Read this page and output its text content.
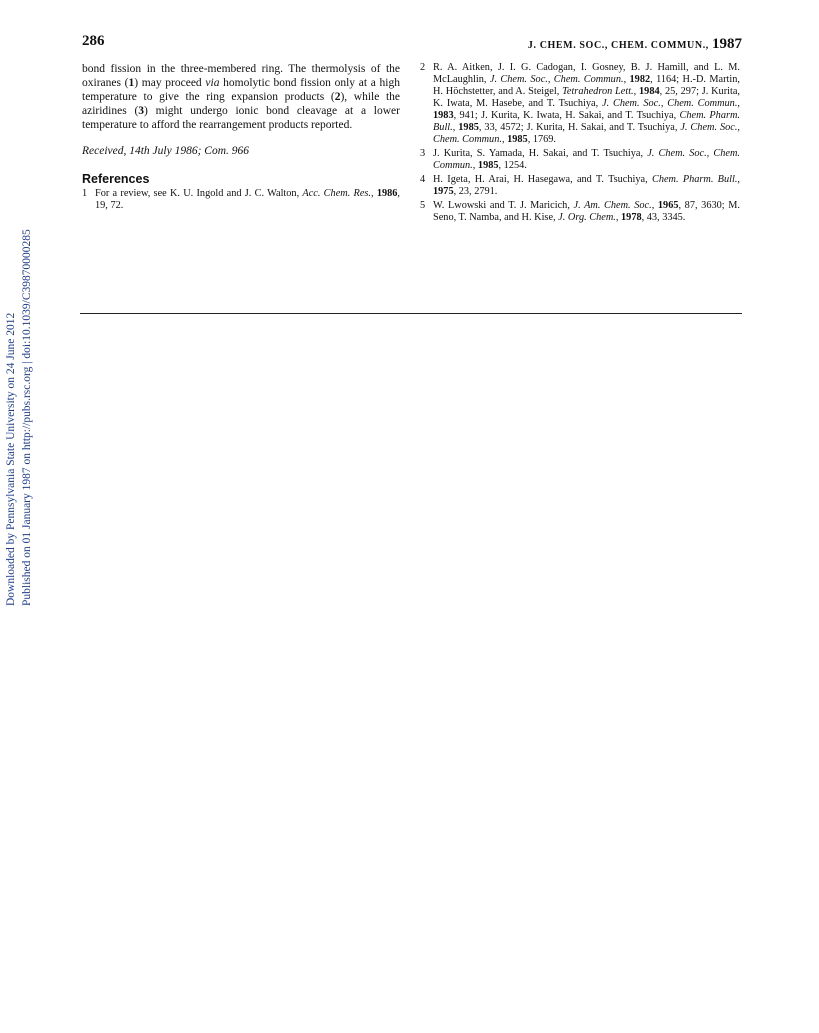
286	J. CHEM. SOC., CHEM. COMMUN., 1987
Downloaded by Pennsylvania State University on 24 June 2012 Published on 01 January 1987 on http://pubs.rsc.org | doi:10.1039/C39870000285

bond fission in the three-membered ring. The thermolysis of the oxiranes (1) may proceed via homolytic bond fission only at a high temperature to give the ring expansion products (2), while the aziridines (3) might undergo ionic bond cleavage at a lower temperature to afford the rearrangement products reported.

Received, 14th July 1986; Com. 966

References
1 For a review, see K. U. Ingold and J. C. Walton, Acc. Chem. Res., 1986, 19, 72.
2 R. A. Aitken, J. I. G. Cadogan, I. Gosney, B. J. Hamill, and L. M. McLaughlin, J. Chem. Soc., Chem. Commun., 1982, 1164; H.-D. Martin, H. Höchstetter, and A. Steigel, Tetrahedron Lett., 1984, 25, 297; J. Kurita, K. Iwata, M. Hasebe, and T. Tsuchiya, J. Chem. Soc., Chem. Commun., 1983, 941; J. Kurita, K. Iwata, H. Sakai, and T. Tsuchiya, Chem. Pharm. Bull., 1985, 33, 4572; J. Kurita, H. Sakai, and T. Tsuchiya, J. Chem. Soc., Chem. Commun., 1985, 1769.
3 J. Kurita, S. Yamada, H. Sakai, and T. Tsuchiya, J. Chem. Soc., Chem. Commun., 1985, 1254.
4 H. Igeta, H. Arai, H. Hasegawa, and T. Tsuchiya, Chem. Pharm. Bull., 1975, 23, 2791.
5 W. Lwowski and T. J. Maricich, J. Am. Chem. Soc., 1965, 87, 3630; M. Seno, T. Namba, and H. Kise, J. Org. Chem., 1978, 43, 3345.
